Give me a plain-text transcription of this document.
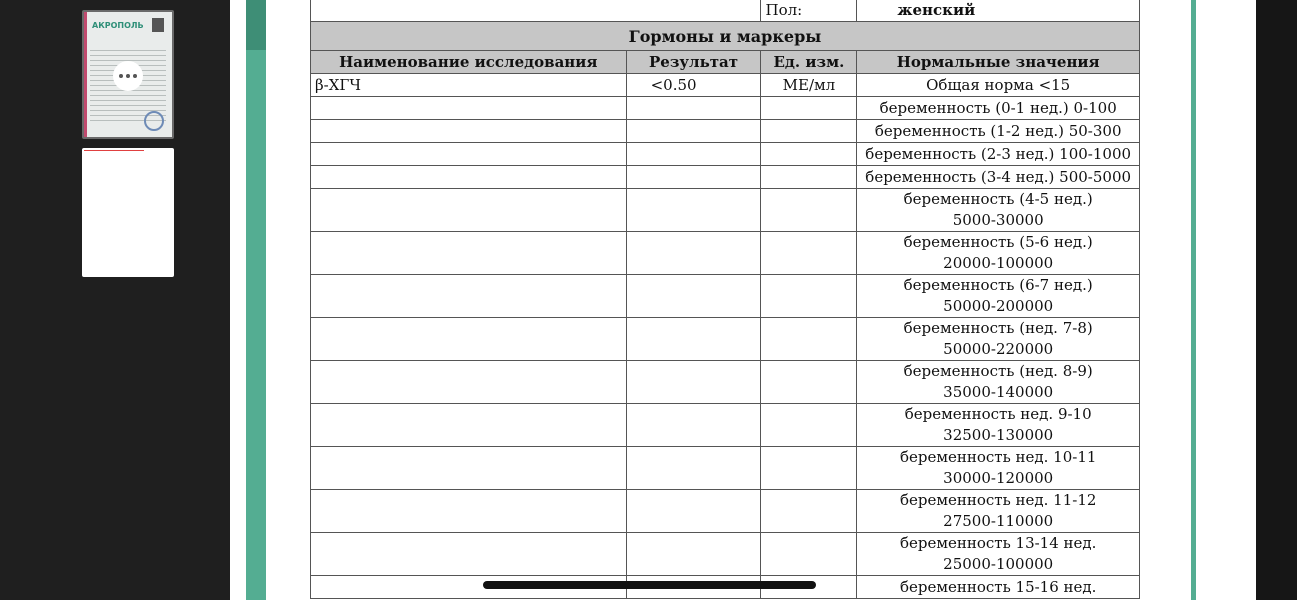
АКРОПОЛЬ
		Пол:	женский
Гормоны и маркеры			
Наименование исследования	Результат	Ед. изм.	Нормальные значения
β-ХГЧ	<0.50	МЕ/мл	Общая норма <15

			беременность (0-1 нед.) 0-100

			беременность (1-2 нед.) 50-300

			беременность (2-3 нед.) 100-1000

			беременность (3-4 нед.) 500-5000

			беременность (4-5 нед.)
5000-30000

			беременность (5-6 нед.)
20000-100000

			беременность (6-7 нед.)
50000-200000

			беременность (нед. 7-8)
50000-220000

			беременность (нед. 8-9)
35000-140000

			беременность нед. 9-10
32500-130000

			беременность нед. 10-11
30000-120000

			беременность нед. 11-12
27500-110000

			беременность 13-14 нед.
25000-100000

			беременность 15-16 нед.
